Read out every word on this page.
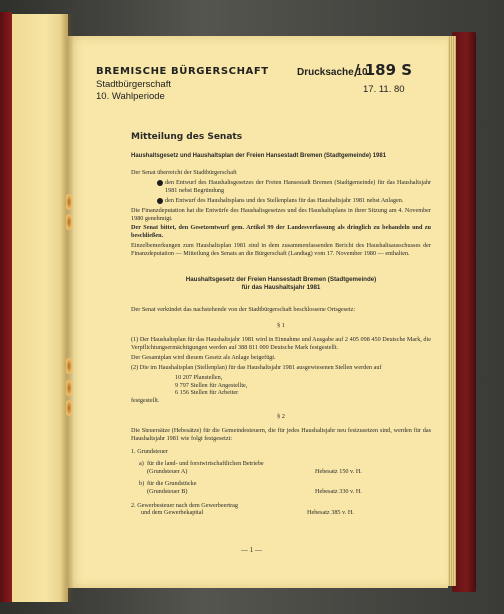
BREMISCHE BÜRGERSCHAFT
Stadtbürgerschaft
10. Wahlperiode
Drucksache 10
/ 189 S
17. 11. 80

Mitteilung des Senats

Haushaltsgesetz und Haushaltsplan der Freien Hansestadt Bremen (Stadtgemeinde) 1981

Der Senat überreicht der Stadtbürgerschaft

den Entwurf des Haushaltsgesetzes der Freien Hansestadt Bremen (Stadtgemeinde) für das Haushaltsjahr 1981 nebst Begründung
den Entwurf des Haushaltsplans und des Stellenplans für das Haushaltsjahr 1981 nebst Anlagen.

Die Finanzdeputation hat die Entwürfe des Haushaltsgesetzes und des Haushaltsplans in ihrer Sitzung am 4. November 1980 genehmigt.

Der Senat bittet, den Gesetzentwurf gem. Artikel 99 der Landesverfassung als dringlich zu behandeln und zu beschließen.

Einzelbemerkungen zum Haushaltsplan 1981 sind in dem zusammenfassenden Bericht des Haushaltsausschusses der Finanzdeputation — Mitteilung des Senats an die Bürgerschaft (Landtag) vom 17. November 1980 — enthalten.

Haushaltsgesetz der Freien Hansestadt Bremen (Stadtgemeinde)
für das Haushaltsjahr 1981

Der Senat verkündet das nachstehende von der Stadtbürgerschaft beschlossene Ortsgesetz:

§ 1

(1) Der Haushaltsplan für das Haushaltsjahr 1981 wird in Einnahme und Ausgabe auf 2 405 098 450 Deutsche Mark, die Verpflichtungsermächtigungen werden auf 388 811 000 Deutsche Mark festgestellt.

Der Gesamtplan wird diesem Gesetz als Anlage beigefügt.

(2) Die im Haushaltsplan (Stellenplan) für das Haushaltsjahr 1981 ausgewiesenen Stellen werden auf

10 207 Planstellen,
9 797 Stellen für Angestellte,
6 156 Stellen für Arbeiter

festgestellt.

§ 2

Die Steuersätze (Hebesätze) für die Gemeindesteuern, die für jedes Haushaltsjahr neu festzusetzen sind, werden für das Haushaltsjahr 1981 wie folgt festgesetzt:

1. Grundsteuer
a) für die land- und forstwirtschaftlichen Betriebe
(Grundsteuer A)	Hebesatz 150 v. H.
b) für die Grundstücke
(Grundsteuer B)	Hebesatz 330 v. H.
2. Gewerbesteuer nach dem Gewerbeertrag
und dem Gewerbekapital	Hebesatz 385 v. H.
— 1 —
